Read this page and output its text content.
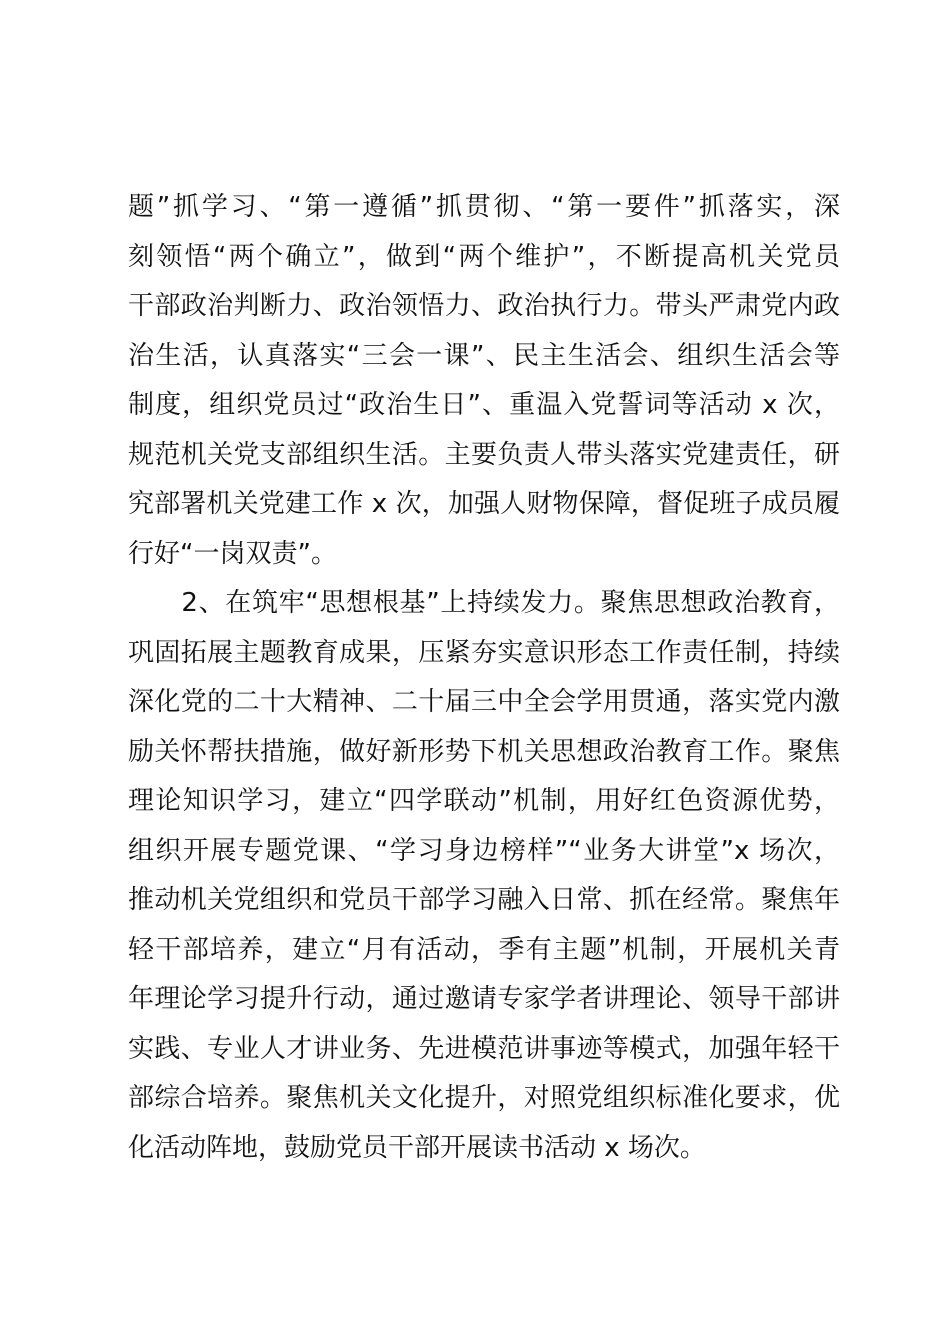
题”抓学习、“第一遵循”抓贯彻、“第一要件”抓落实，深
刻领悟“两个确立”，做到“两个维护”，不断提高机关党员
干部政治判断力、政治领悟力、政治执行力。带头严肃党内政
治生活，认真落实“三会一课”、民主生活会、组织生活会等
制度，组织党员过“政治生日”、重温入党誓词等活动 x 次，
规范机关党支部组织生活。主要负责人带头落实党建责任，研
究部署机关党建工作 x 次，加强人财物保障，督促班子成员履
行好“一岗双责”。
　　2、在筑牢“思想根基”上持续发力。聚焦思想政治教育，
巩固拓展主题教育成果，压紧夯实意识形态工作责任制，持续
深化党的二十大精神、二十届三中全会学用贯通，落实党内激
励关怀帮扶措施，做好新形势下机关思想政治教育工作。聚焦
理论知识学习，建立“四学联动”机制，用好红色资源优势，
组织开展专题党课、“学习身边榜样”“业务大讲堂”x 场次，
推动机关党组织和党员干部学习融入日常、抓在经常。聚焦年
轻干部培养，建立“月有活动，季有主题”机制，开展机关青
年理论学习提升行动，通过邀请专家学者讲理论、领导干部讲
实践、专业人才讲业务、先进模范讲事迹等模式，加强年轻干
部综合培养。聚焦机关文化提升，对照党组织标准化要求，优
化活动阵地，鼓励党员干部开展读书活动 x 场次。
